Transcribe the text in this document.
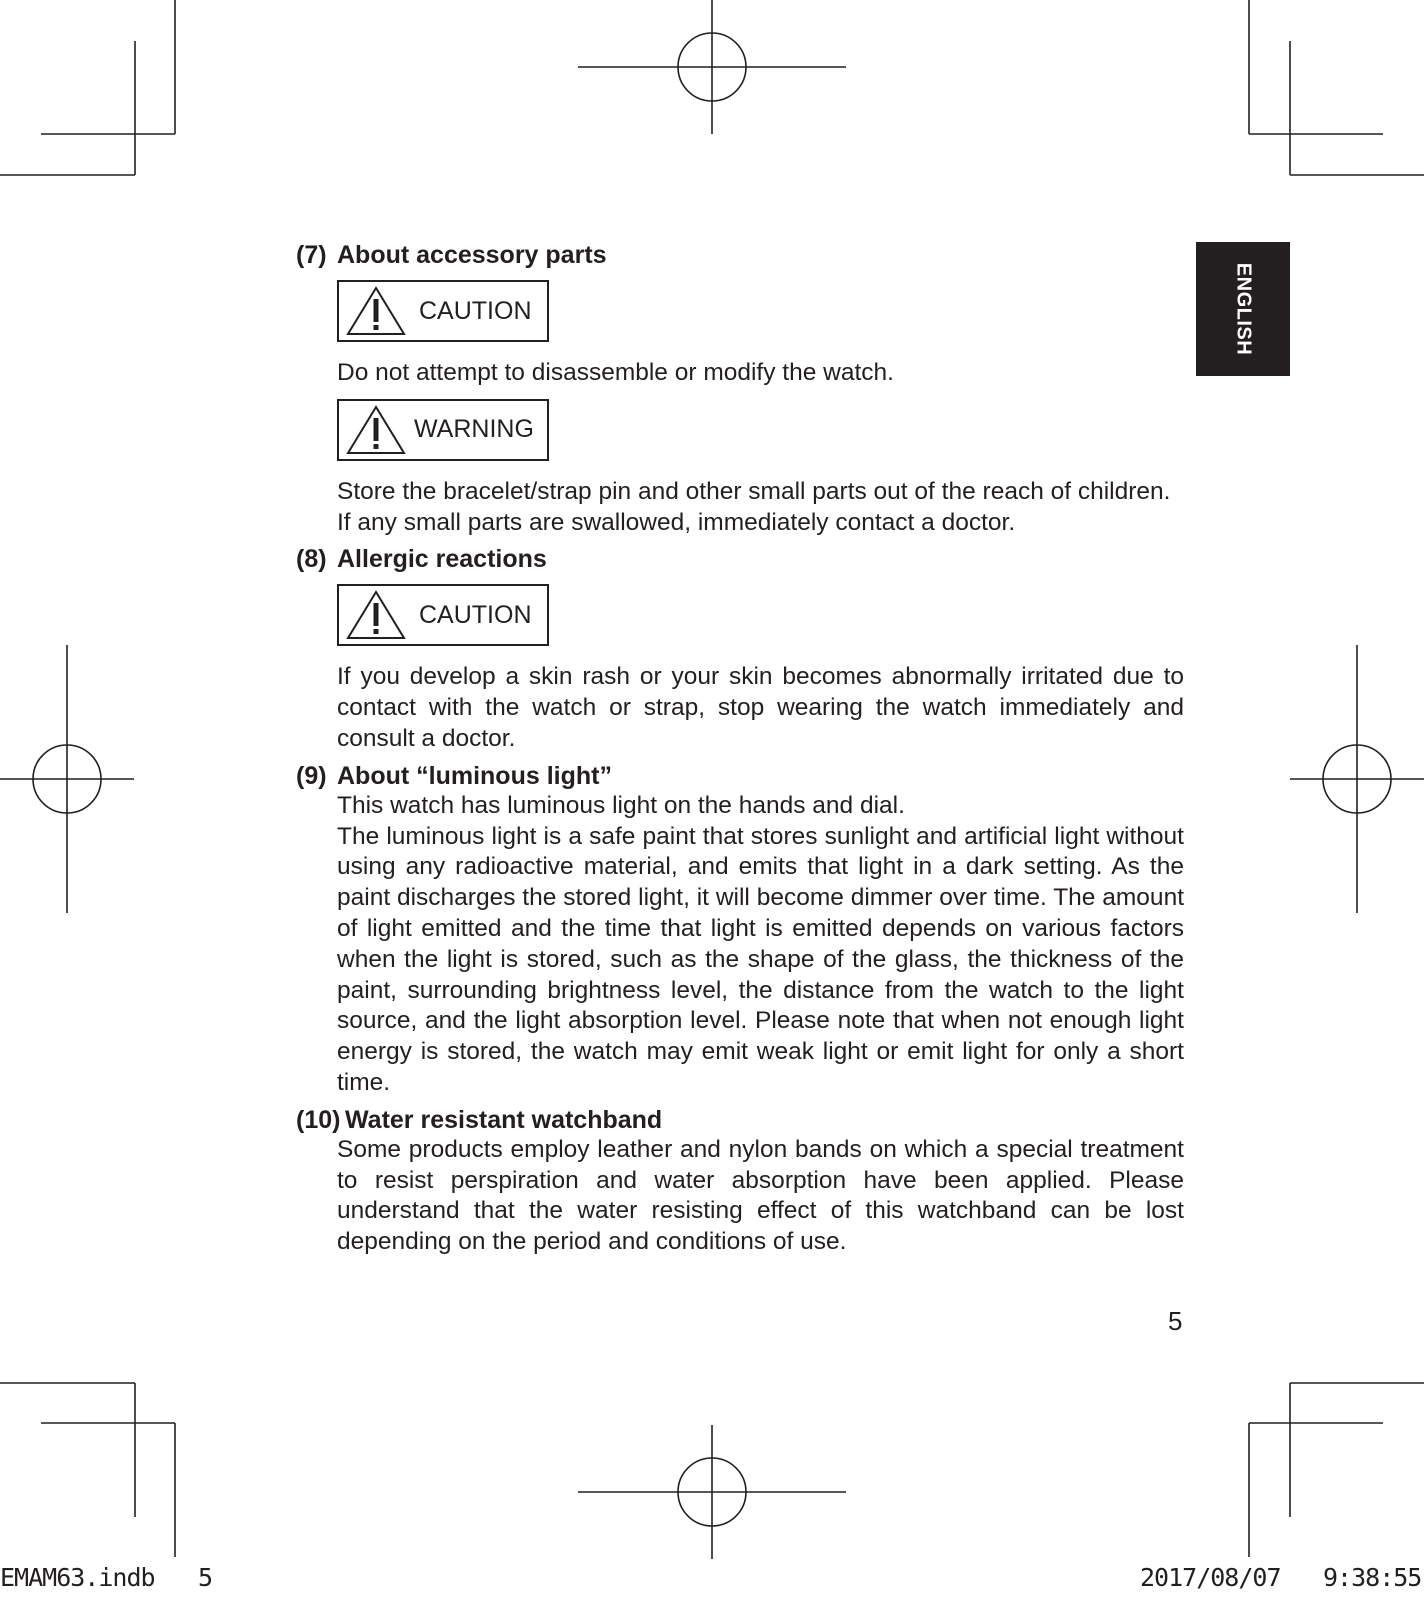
ENGLISH
(7) About accessory parts
CAUTION

Do not attempt to disassemble or modify the watch.

WARNING

Store the bracelet/strap pin and other small parts out of the reach of children.

If any small parts are swallowed, immediately contact a doctor.

(8) Allergic reactions
CAUTION

If you develop a skin rash or your skin becomes abnormally irritated due to contact with the watch or strap, stop wearing the watch immediately and consult a doctor.

(9) About “luminous light”

This watch has luminous light on the hands and dial.

The luminous light is a safe paint that stores sunlight and artificial light without using any radioactive material, and emits that light in a dark setting. As the paint discharges the stored light, it will become dimmer over time. The amount of light emitted and the time that light is emitted depends on various factors when the light is stored, such as the shape of the glass, the thickness of the paint, surrounding brightness level, the distance from the watch to the light source, and the light absorption level. Please note that when not enough light energy is stored, the watch may emit weak light or emit light for only a short time.

(10) Water resistant watchband

Some products employ leather and nylon bands on which a special treatment to resist perspiration and water absorption have been applied. Please understand that the water resisting effect of this watchband can be lost depending on the period and conditions of use.

5
EMAM63.indb 5	2017/08/07 9:38:55
